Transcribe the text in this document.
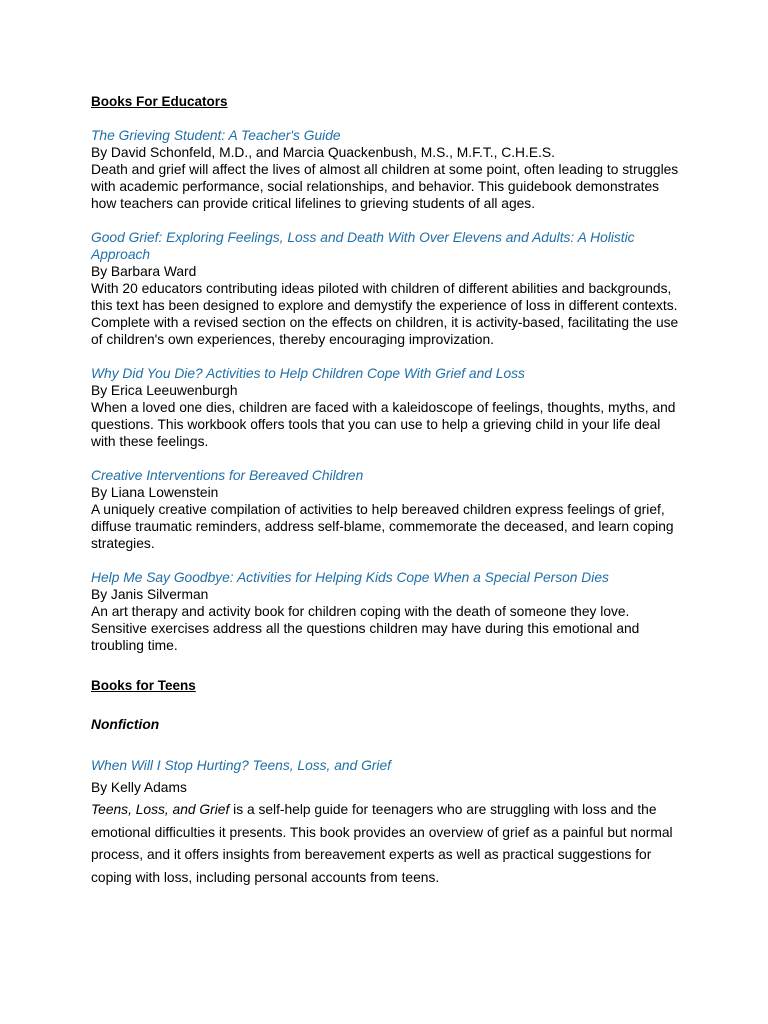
Books For Educators
The Grieving Student: A Teacher's Guide
By David Schonfeld, M.D., and Marcia Quackenbush, M.S., M.F.T., C.H.E.S.
Death and grief will affect the lives of almost all children at some point, often leading to struggles with academic performance, social relationships, and behavior. This guidebook demonstrates how teachers can provide critical lifelines to grieving students of all ages.
Good Grief: Exploring Feelings, Loss and Death With Over Elevens and Adults: A Holistic Approach
By Barbara Ward
With 20 educators contributing ideas piloted with children of different abilities and backgrounds, this text has been designed to explore and demystify the experience of loss in different contexts. Complete with a revised section on the effects on children, it is activity-based, facilitating the use of children's own experiences, thereby encouraging improvization.
Why Did You Die? Activities to Help Children Cope With Grief and Loss
By Erica Leeuwenburgh
When a loved one dies, children are faced with a kaleidoscope of feelings, thoughts, myths, and questions. This workbook offers tools that you can use to help a grieving child in your life deal with these feelings.
Creative Interventions for Bereaved Children
By Liana Lowenstein
A uniquely creative compilation of activities to help bereaved children express feelings of grief, diffuse traumatic reminders, address self-blame, commemorate the deceased, and learn coping strategies.
Help Me Say Goodbye: Activities for Helping Kids Cope When a Special Person Dies
By Janis Silverman
An art therapy and activity book for children coping with the death of someone they love. Sensitive exercises address all the questions children may have during this emotional and troubling time.
Books for Teens
Nonfiction
When Will I Stop Hurting? Teens, Loss, and Grief
By Kelly Adams
Teens, Loss, and Grief is a self-help guide for teenagers who are struggling with loss and the emotional difficulties it presents. This book provides an overview of grief as a painful but normal process, and it offers insights from bereavement experts as well as practical suggestions for coping with loss, including personal accounts from teens.
